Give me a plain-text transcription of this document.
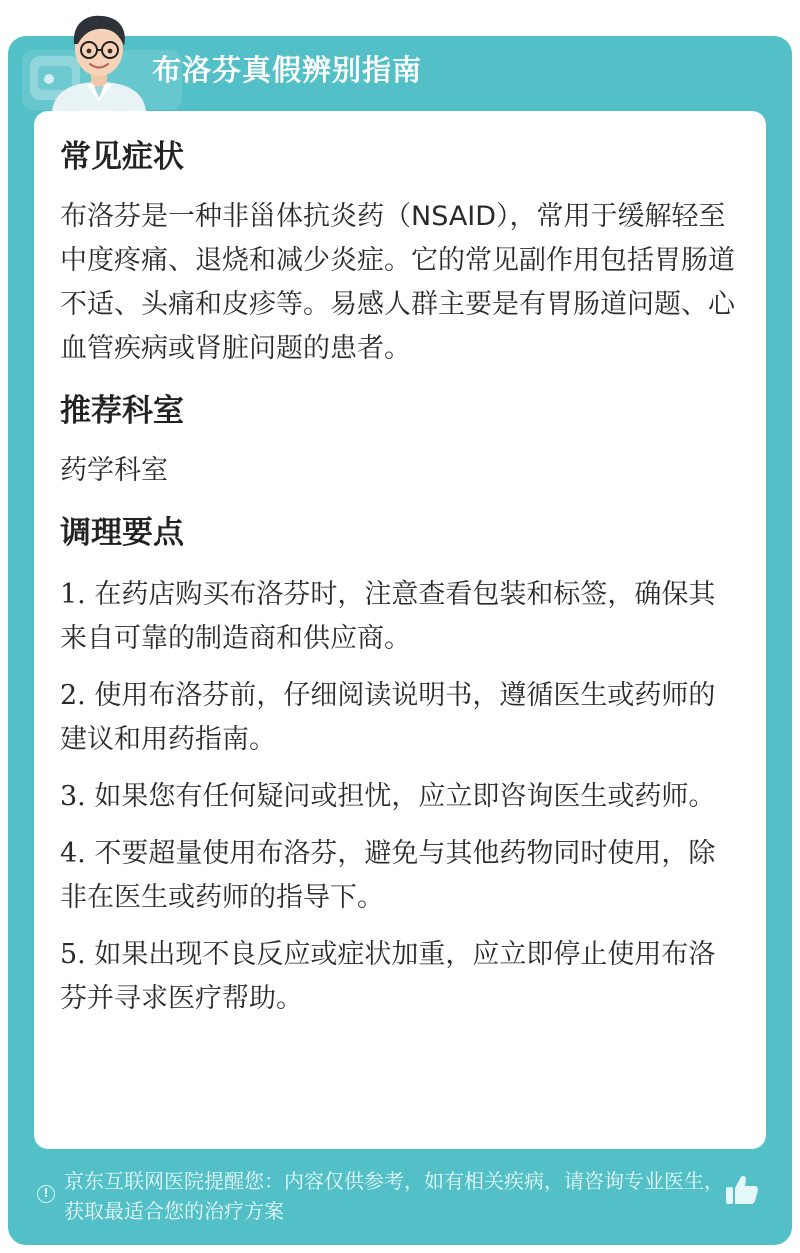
布洛芬真假辨别指南
常见症状
布洛芬是一种非甾体抗炎药（NSAID），常用于缓解轻至中度疼痛、退烧和减少炎症。它的常见副作用包括胃肠道不适、头痛和皮疹等。易感人群主要是有胃肠道问题、心血管疾病或肾脏问题的患者。
推荐科室
药学科室
调理要点
1. 在药店购买布洛芬时，注意查看包装和标签，确保其来自可靠的制造商和供应商。
2. 使用布洛芬前，仔细阅读说明书，遵循医生或药师的建议和用药指南。
3. 如果您有任何疑问或担忧，应立即咨询医生或药师。
4. 不要超量使用布洛芬，避免与其他药物同时使用，除非在医生或药师的指导下。
5. 如果出现不良反应或症状加重，应立即停止使用布洛芬并寻求医疗帮助。
! 京东互联网医院提醒您：内容仅供参考，如有相关疾病，请咨询专业医生，获取最适合您的治疗方案
